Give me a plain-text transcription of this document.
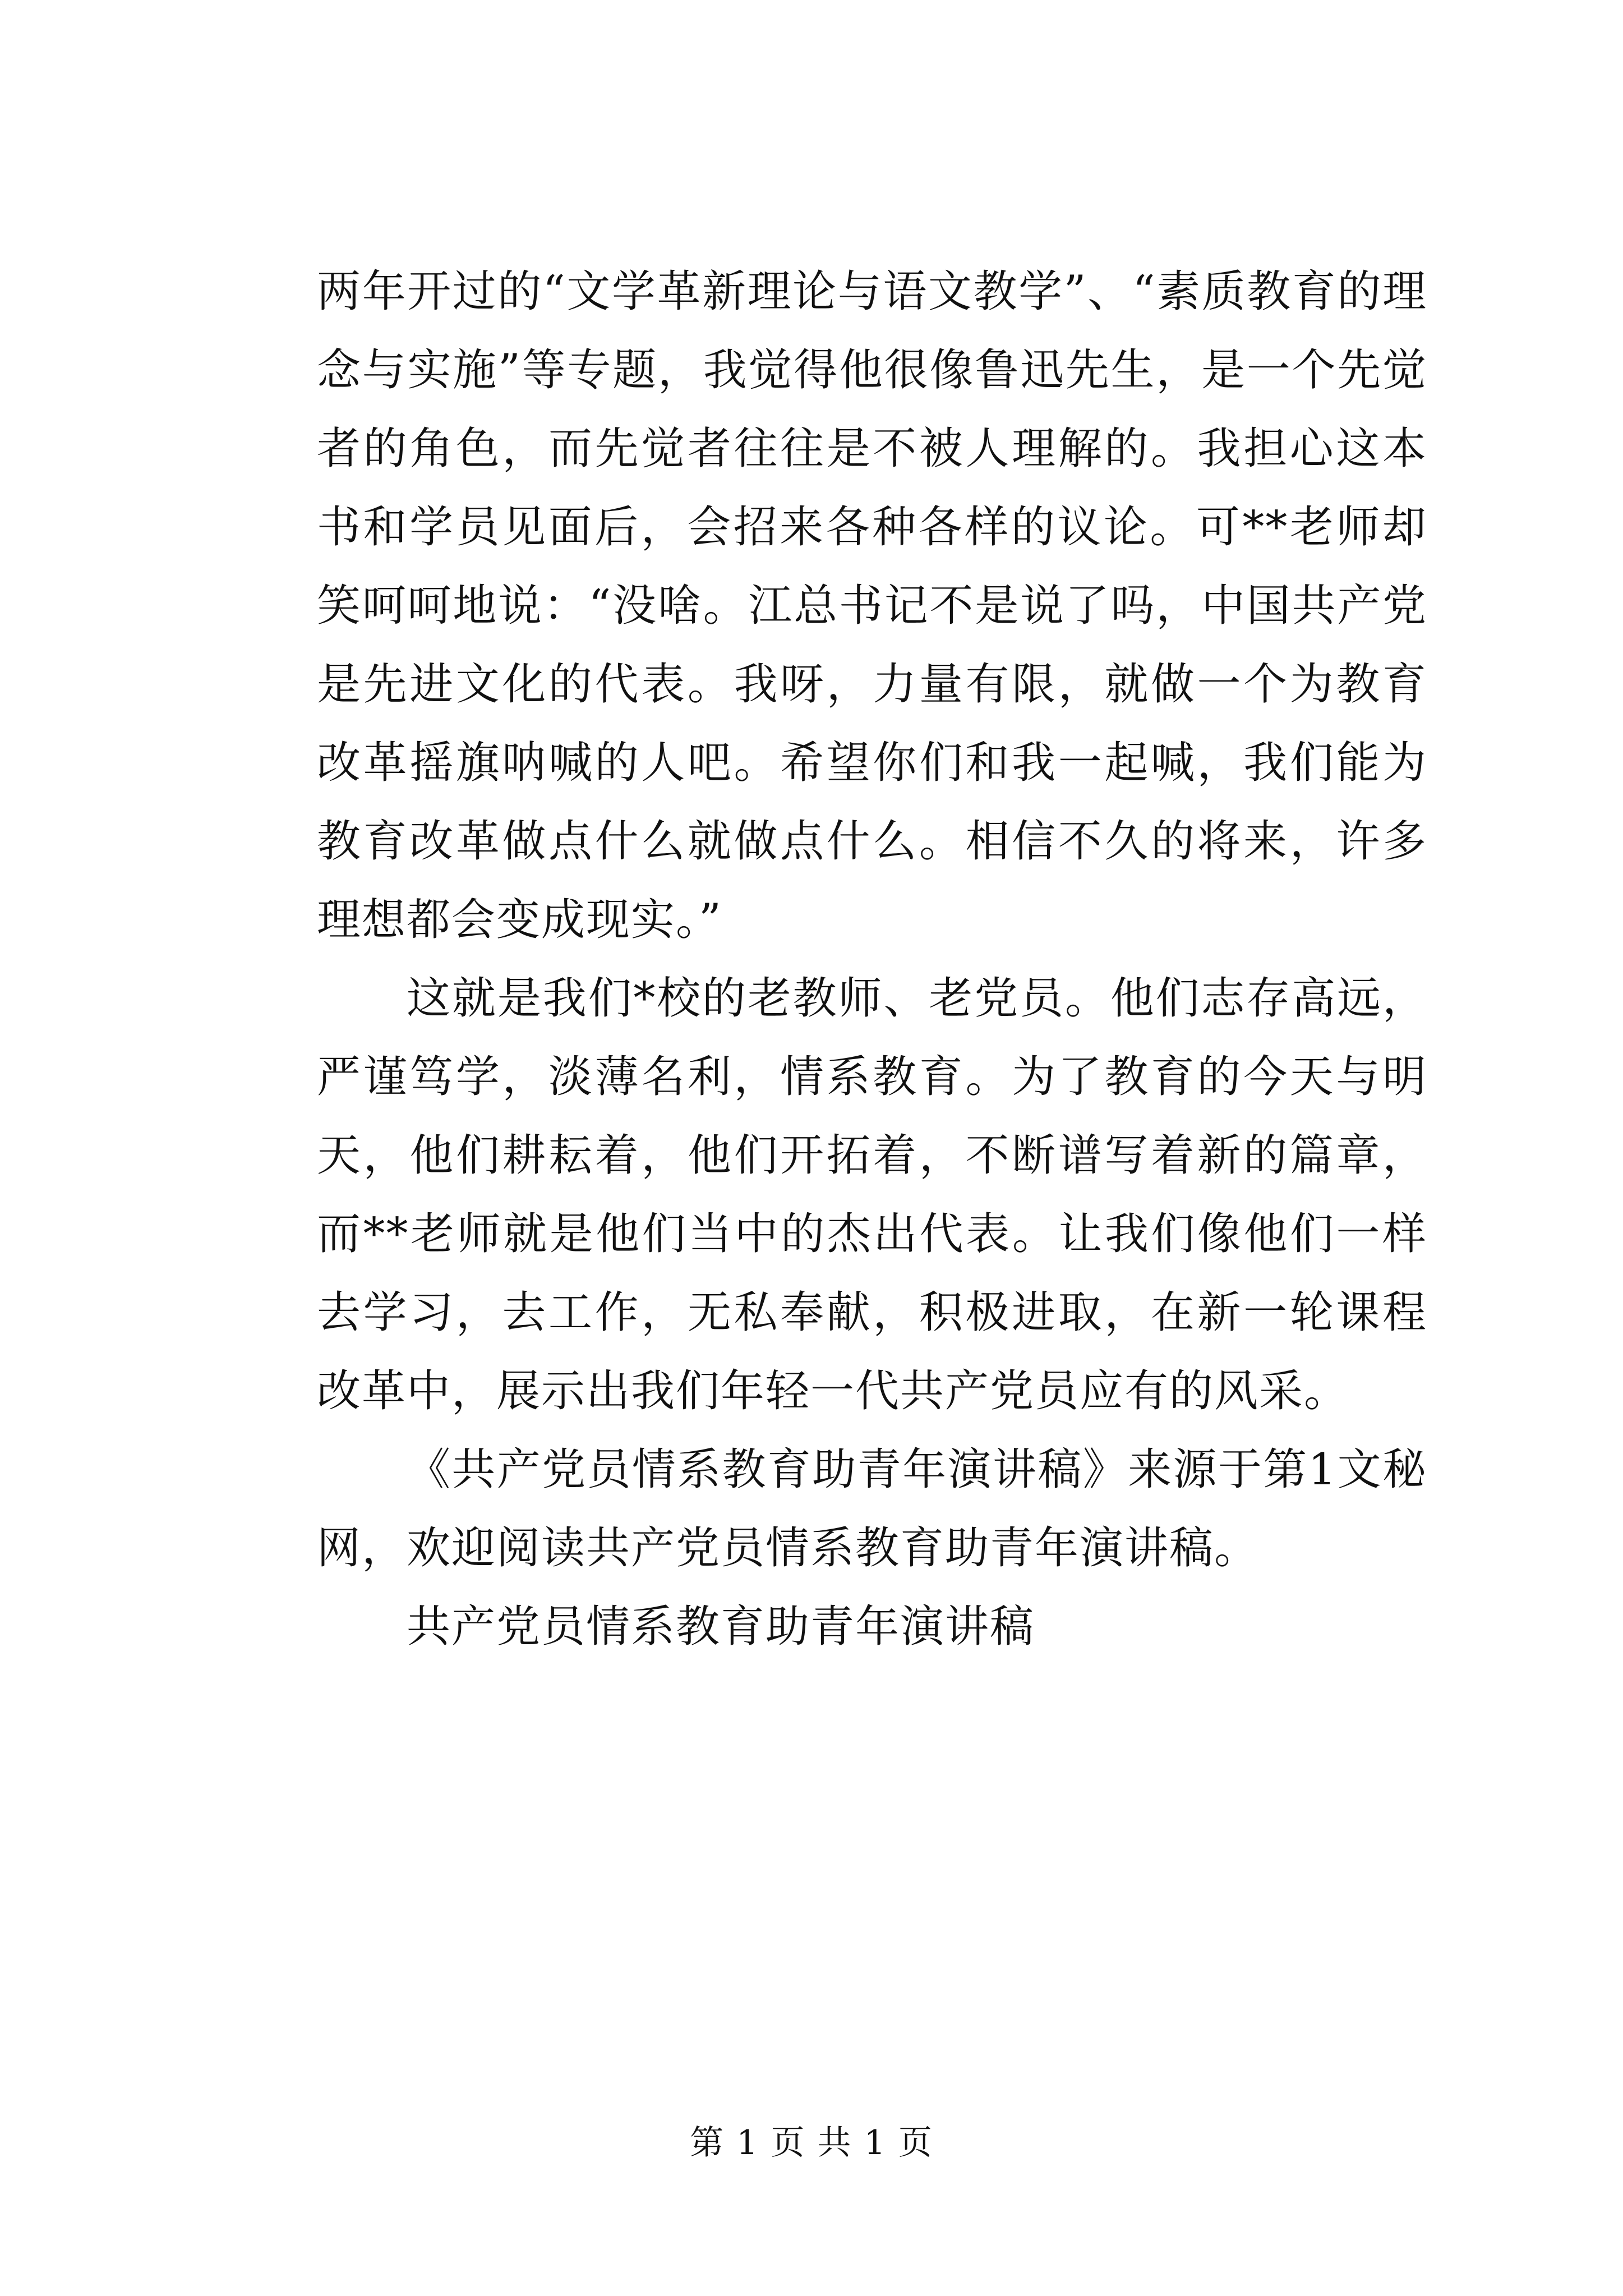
两年开过的“文学革新理论与语文教学”、“素质教育的理念与实施”等专题，我觉得他很像鲁迅先生，是一个先觉者的角色，而先觉者往往是不被人理解的。我担心这本书和学员见面后，会招来各种各样的议论。可**老师却笑呵呵地说：“没啥。江总书记不是说了吗，中国共产党是先进文化的代表。我呀，力量有限，就做一个为教育改革摇旗呐喊的人吧。希望你们和我一起喊，我们能为教育改革做点什么就做点什么。相信不久的将来，许多理想都会变成现实。”

这就是我们*校的老教师、老党员。他们志存高远，严谨笃学，淡薄名利，情系教育。为了教育的今天与明天，他们耕耘着，他们开拓着，不断谱写着新的篇章，而**老师就是他们当中的杰出代表。让我们像他们一样去学习，去工作，无私奉献，积极进取，在新一轮课程改革中，展示出我们年轻一代共产党员应有的风采。

《共产党员情系教育助青年演讲稿》来源于第1文秘网，欢迎阅读共产党员情系教育助青年演讲稿。

共产党员情系教育助青年演讲稿

第 1 页 共 1 页
